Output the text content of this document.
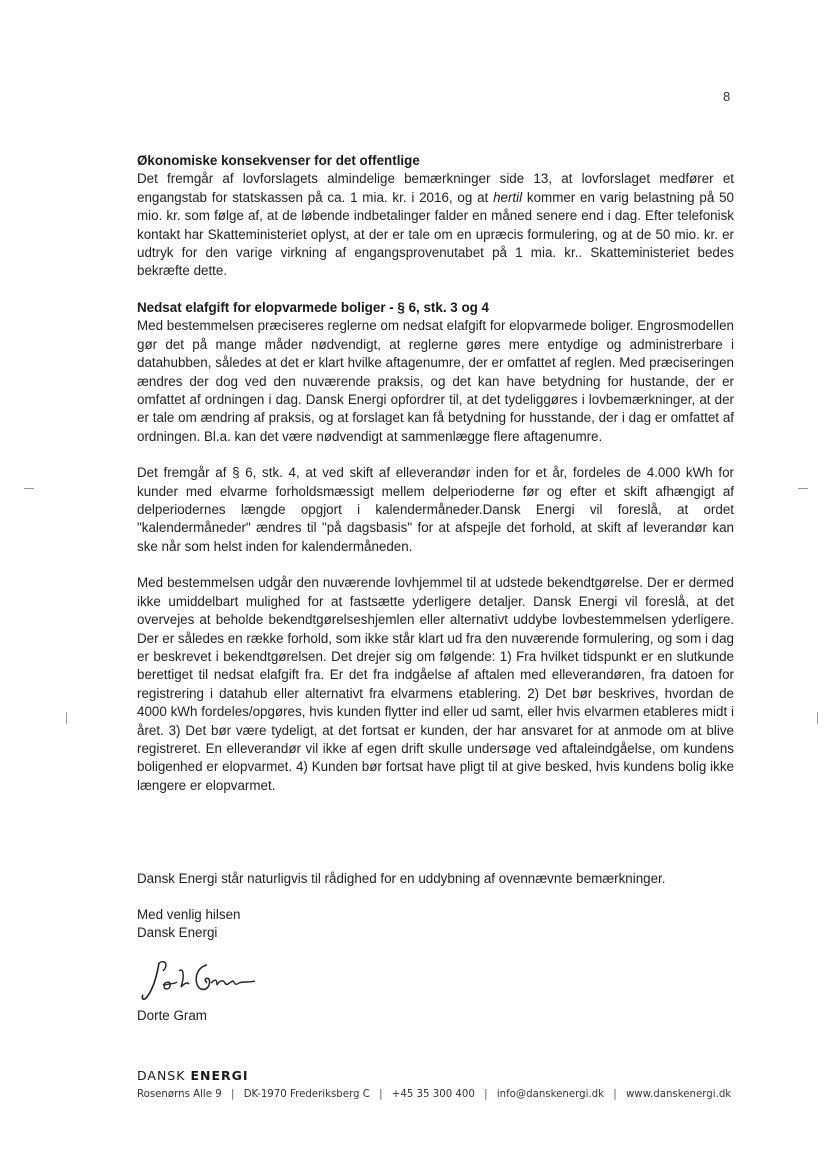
8
Økonomiske konsekvenser for det offentlige

Det fremgår af lovforslagets almindelige bemærkninger side 13, at lovforslaget medfører et engangstab for statskassen på ca. 1 mia. kr. i 2016, og at hertil kommer en varig belastning på 50 mio. kr. som følge af, at de løbende indbetalinger falder en måned senere end i dag. Efter telefonisk kontakt har Skatteministeriet oplyst, at der er tale om en upræcis formulering, og at de 50 mio. kr. er udtryk for den varige virkning af engangsprovenutabet på 1 mia. kr.. Skatteministeriet bedes bekræfte dette.

Nedsat elafgift for elopvarmede boliger - § 6, stk. 3 og 4

Med bestemmelsen præciseres reglerne om nedsat elafgift for elopvarmede boliger. Engrosmodellen gør det på mange måder nødvendigt, at reglerne gøres mere entydige og administrerbare i datahubben, således at det er klart hvilke aftagenumre, der er omfattet af reglen. Med præciseringen ændres der dog ved den nuværende praksis, og det kan have betydning for hustande, der er omfattet af ordningen i dag. Dansk Energi opfordrer til, at det tydeliggøres i lovbemærkninger, at der er tale om ændring af praksis, og at forslaget kan få betydning for husstande, der i dag er omfattet af ordningen. Bl.a. kan det være nødvendigt at sammenlægge flere aftagenumre.

Det fremgår af § 6, stk. 4, at ved skift af elleverandør inden for et år, fordeles de 4.000 kWh for kunder med elvarme forholdsmæssigt mellem delperioderne før og efter et skift afhængigt af delperiodernes længde opgjort i kalendermåneder.Dansk Energi vil foreslå, at ordet "kalendermåneder" ændres til "på dagsbasis" for at afspejle det forhold, at skift af leverandør kan ske når som helst inden for kalendermåneden.

Med bestemmelsen udgår den nuværende lovhjemmel til at udstede bekendtgørelse. Der er dermed ikke umiddelbart mulighed for at fastsætte yderligere detaljer. Dansk Energi vil foreslå, at det overvejes at beholde bekendtgørelseshjemlen eller alternativt uddybe lovbestemmelsen yderligere. Der er således en række forhold, som ikke står klart ud fra den nuværende formulering, og som i dag er beskrevet i bekendtgørelsen. Det drejer sig om følgende: 1) Fra hvilket tidspunkt er en slutkunde berettiget til nedsat elafgift fra. Er det fra indgåelse af aftalen med elleverandøren, fra datoen for registrering i datahub eller alternativt fra elvarmens etablering. 2) Det bør beskrives, hvordan de 4000 kWh fordeles/opgøres, hvis kunden flytter ind eller ud samt, eller hvis elvarmen etableres midt i året. 3) Det bør være tydeligt, at det fortsat er kunden, der har ansvaret for at anmode om at blive registreret. En elleverandør vil ikke af egen drift skulle undersøge ved aftaleindgåelse, om kundens boligenhed er elopvarmet. 4) Kunden bør fortsat have pligt til at give besked, hvis kundens bolig ikke længere er elopvarmet.

Dansk Energi står naturligvis til rådighed for en uddybning af ovennævnte bemærkninger.
Med venlig hilsen
Dansk Energi
Dorte Gram
DANSK ENERGI
Rosenørns Alle 9 | DK-1970 Frederiksberg C | +45 35 300 400 | info@danskenergi.dk | www.danskenergi.dk
